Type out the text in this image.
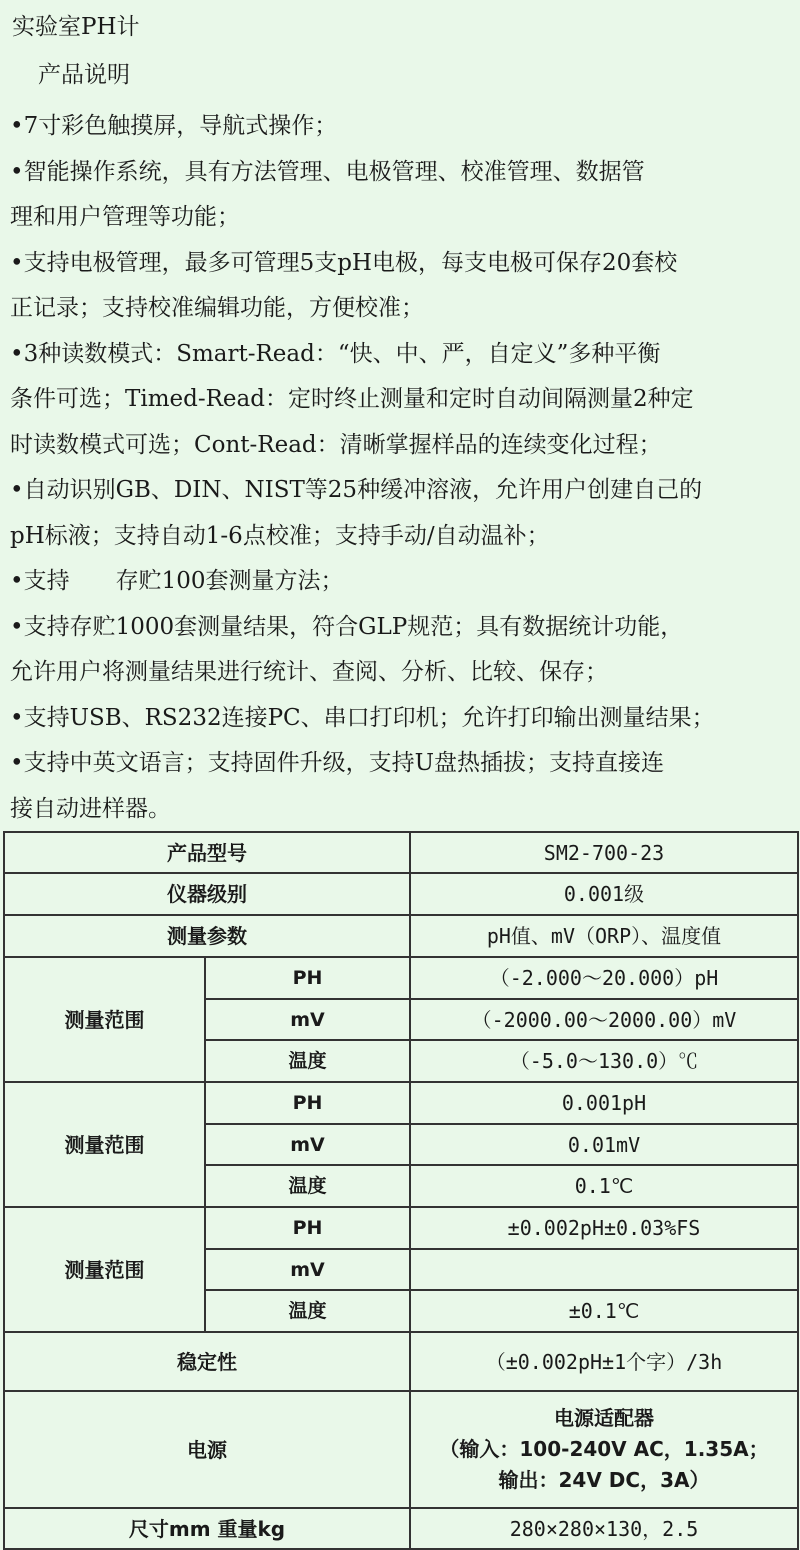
实验室PH计
产品说明

•7寸彩色触摸屏，导航式操作；

•智能操作系统，具有方法管理、电极管理、校准管理、数据管
理和用户管理等功能；

•支持电极管理，最多可管理5支pH电极，每支电极可保存20套校
正记录；支持校准编辑功能，方便校准；

•3种读数模式：Smart-Read：“快、中、严，自定义”多种平衡
条件可选；Timed-Read：定时终止测量和定时自动间隔测量2种定
时读数模式可选；Cont-Read：清晰掌握样品的连续变化过程；

•自动识别GB、DIN、NIST等25种缓冲溶液，允许用户创建自己的
pH标液；支持自动1-6点校准；支持手动/自动温补；

•支持　　存贮100套测量方法；

•支持存贮1000套测量结果，符合GLP规范；具有数据统计功能，
允许用户将测量结果进行统计、查阅、分析、比较、保存；

•支持USB、RS232连接PC、串口打印机；允许打印输出测量结果；

•支持中英文语言；支持固件升级，支持U盘热插拔；支持直接连
接自动进样器。

产品型号		SM2-700-23
仪器级别		0.001级
测量参数		pH值、mV（ORP）、温度值
测量范围	PH	（-2.000～20.000）pH
	mV	（-2000.00～2000.00）mV
	温度	（-5.0～130.0）℃
测量范围	PH	0.001pH
	mV	0.01mV
	温度	0.1℃
测量范围	PH	±0.002pH±0.03%FS
	mV	
	温度	±0.1℃
稳定性		（±0.002pH±1个字）/3h
电源		电源适配器
（输入：100-240V AC，1.35A；
输出：24V DC，3A）

尺寸mm 重量kg		280×280×130，2.5
